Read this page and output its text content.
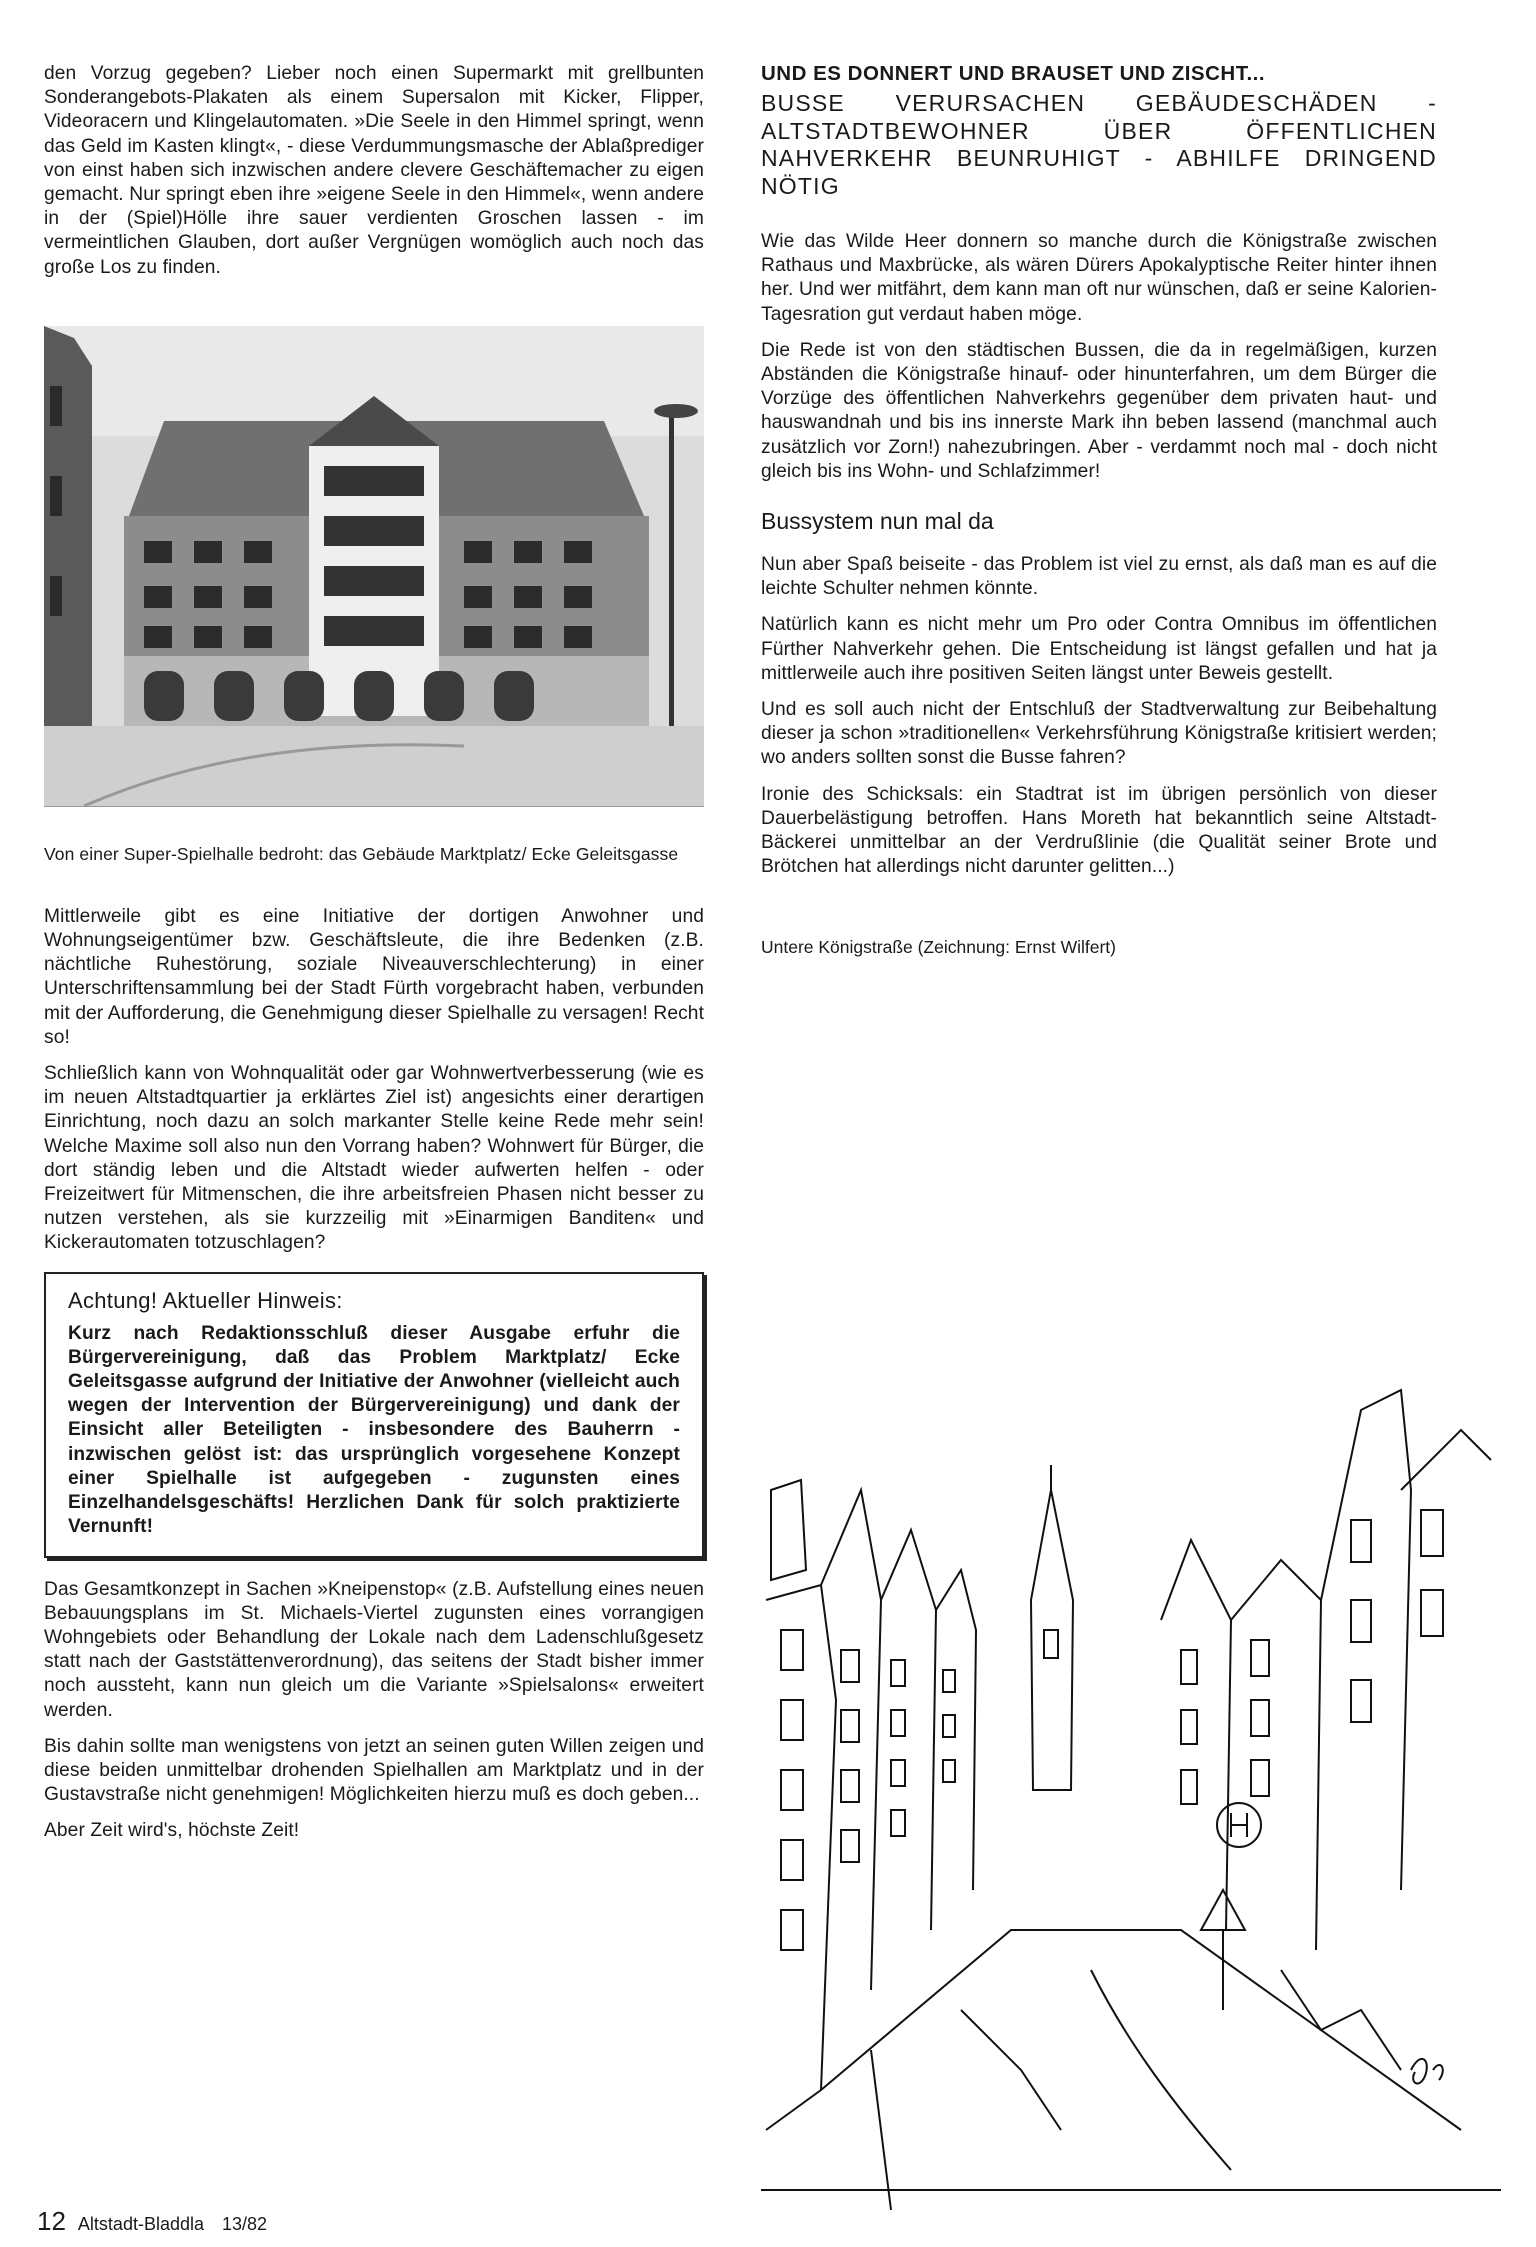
den Vorzug gegeben? Lieber noch einen Supermarkt mit grellbunten Sonderangebots-Plakaten als einem Supersalon mit Kicker, Flipper, Videoracern und Klingelautomaten. »Die Seele in den Himmel springt, wenn das Geld im Kasten klingt«, - diese Verdummungsmasche der Ablaßprediger von einst haben sich inzwischen andere clevere Geschäftemacher zu eigen gemacht. Nur springt eben ihre »eigene Seele in den Himmel«, wenn andere in der (Spiel)Hölle ihre sauer verdienten Groschen lassen - im vermeintlichen Glauben, dort außer Vergnügen womöglich auch noch das große Los zu finden.

Von einer Super-Spielhalle bedroht: das Gebäude Marktplatz/ Ecke Geleitsgasse

Mittlerweile gibt es eine Initiative der dortigen Anwohner und Wohnungseigentümer bzw. Geschäftsleute, die ihre Bedenken (z.B. nächtliche Ruhestörung, soziale Niveauverschlechterung) in einer Unterschriftensammlung bei der Stadt Fürth vorgebracht haben, verbunden mit der Aufforderung, die Genehmigung dieser Spielhalle zu versagen! Recht so!

Schließlich kann von Wohnqualität oder gar Wohnwertverbesserung (wie es im neuen Altstadtquartier ja erklärtes Ziel ist) angesichts einer derartigen Einrichtung, noch dazu an solch markanter Stelle keine Rede mehr sein! Welche Maxime soll also nun den Vorrang haben? Wohnwert für Bürger, die dort ständig leben und die Altstadt wieder aufwerten helfen - oder Freizeitwert für Mitmenschen, die ihre arbeitsfreien Phasen nicht besser zu nutzen verstehen, als sie kurzzeilig mit »Einarmigen Banditen« und Kickerautomaten totzuschlagen?

Achtung! Aktueller Hinweis:

Kurz nach Redaktionsschluß dieser Ausgabe erfuhr die Bürgervereinigung, daß das Problem Marktplatz/ Ecke Geleitsgasse aufgrund der Initiative der Anwohner (vielleicht auch wegen der Intervention der Bürgervereinigung) und dank der Einsicht aller Beteiligten - insbesondere des Bauherrn - inzwischen gelöst ist: das ursprünglich vorgesehene Konzept einer Spielhalle ist aufgegeben - zugunsten eines Einzelhandelsgeschäfts! Herzlichen Dank für solch praktizierte Vernunft!

Das Gesamtkonzept in Sachen »Kneipenstop« (z.B. Aufstellung eines neuen Bebauungsplans im St. Michaels-Viertel zugunsten eines vorrangigen Wohngebiets oder Behandlung der Lokale nach dem Ladenschlußgesetz statt nach der Gaststättenverordnung), das seitens der Stadt bisher immer noch aussteht, kann nun gleich um die Variante »Spielsalons« erweitert werden.

Bis dahin sollte man wenigstens von jetzt an seinen guten Willen zeigen und diese beiden unmittelbar drohenden Spielhallen am Marktplatz und in der Gustavstraße nicht genehmigen! Möglichkeiten hierzu muß es doch geben...

Aber Zeit wird's, höchste Zeit!

UND ES DONNERT UND BRAUSET UND ZISCHT...
BUSSE VERURSACHEN GEBÄUDESCHÄDEN - ALTSTADTBEWOHNER ÜBER ÖFFENTLICHEN NAHVERKEHR BEUNRUHIGT - ABHILFE DRINGEND NÖTIG

Wie das Wilde Heer donnern so manche durch die Königstraße zwischen Rathaus und Maxbrücke, als wären Dürers Apokalyptische Reiter hinter ihnen her. Und wer mitfährt, dem kann man oft nur wünschen, daß er seine Kalorien-Tagesration gut verdaut haben möge.

Die Rede ist von den städtischen Bussen, die da in regelmäßigen, kurzen Abständen die Königstraße hinauf- oder hinunterfahren, um dem Bürger die Vorzüge des öffentlichen Nahverkehrs gegenüber dem privaten haut- und hauswandnah und bis ins innerste Mark ihn beben lassend (manchmal auch zusätzlich vor Zorn!) nahezubringen. Aber - verdammt noch mal - doch nicht gleich bis ins Wohn- und Schlafzimmer!

Bussystem nun mal da

Nun aber Spaß beiseite - das Problem ist viel zu ernst, als daß man es auf die leichte Schulter nehmen könnte.

Natürlich kann es nicht mehr um Pro oder Contra Omnibus im öffentlichen Fürther Nahverkehr gehen. Die Entscheidung ist längst gefallen und hat ja mittlerweile auch ihre positiven Seiten längst unter Beweis gestellt.

Und es soll auch nicht der Entschluß der Stadtverwaltung zur Beibehaltung dieser ja schon »traditionellen« Verkehrsführung Königstraße kritisiert werden; wo anders sollten sonst die Busse fahren?

Ironie des Schicksals: ein Stadtrat ist im übrigen persönlich von dieser Dauerbelästigung betroffen. Hans Moreth hat bekanntlich seine Altstadt-Bäckerei unmittelbar an der Verdrußlinie (die Qualität seiner Brote und Brötchen hat allerdings nicht darunter gelitten...)

Untere Königstraße (Zeichnung: Ernst Wilfert)
12 Altstadt-Bladdla 13/82
